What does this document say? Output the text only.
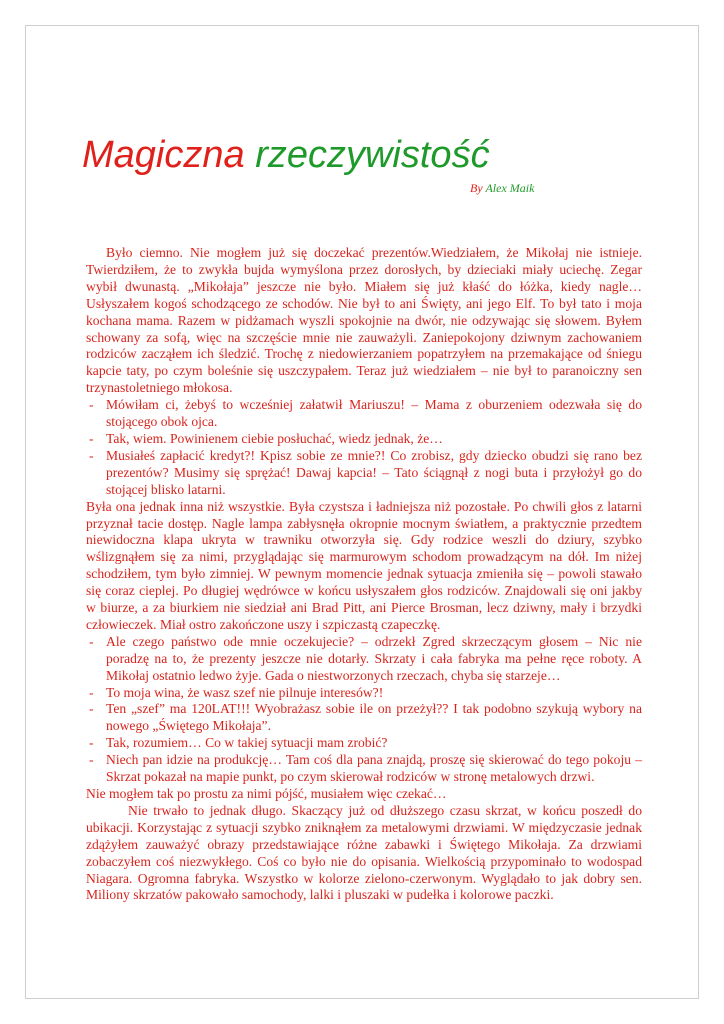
Magiczna rzeczywistość
By Alex Maik

Było ciemno. Nie mogłem już się doczekać prezentów.Wiedziałem, że Mikołaj nie istnieje. Twierdziłem, że to zwykła bujda wymyślona przez dorosłych, by dzieciaki miały uciechę. Zegar wybił dwunastą. „Mikołaja” jeszcze nie było. Miałem się już kłaść do łóżka, kiedy nagle… Usłyszałem kogoś schodzącego ze schodów. Nie był to ani Święty, ani jego Elf. To był tato i moja kochana mama. Razem w pidżamach wyszli spokojnie na dwór, nie odzywając się słowem. Byłem schowany za sofą, więc na szczęście mnie nie zauważyli. Zaniepokojony dziwnym zachowaniem rodziców zacząłem ich śledzić. Trochę z niedowierzaniem popatrzyłem na przemakające od śniegu kapcie taty, po czym boleśnie się uszczypałem. Teraz już wiedziałem – nie był to paranoiczny sen trzynastoletniego młokosa.

- Mówiłam ci, żebyś to wcześniej załatwił Mariuszu! – Mama z oburzeniem odezwała się do stojącego obok ojca.
- Tak, wiem. Powinienem ciebie posłuchać, wiedz jednak, że…
- Musiałeś zapłacić kredyt?! Kpisz sobie ze mnie?! Co zrobisz, gdy dziecko obudzi się rano bez prezentów? Musimy się sprężać! Dawaj kapcia! – Tato ściągnął z nogi buta i przyłożył go do stojącej blisko latarni.

Była ona jednak inna niż wszystkie. Była czystsza i ładniejsza niż pozostałe. Po chwili głos z latarni przyznał tacie dostęp. Nagle lampa zabłysnęła okropnie mocnym światłem, a praktycznie przedtem niewidoczna klapa ukryta w trawniku otworzyła się. Gdy rodzice weszli do dziury, szybko wślizgnąłem się za nimi, przyglądając się marmurowym schodom prowadzącym na dół. Im niżej schodziłem, tym było zimniej. W pewnym momencie jednak sytuacja zmieniła się – powoli stawało się coraz cieplej. Po długiej wędrówce w końcu usłyszałem głos rodziców. Znajdowali się oni jakby w biurze, a za biurkiem nie siedział ani Brad Pitt, ani Pierce Brosman, lecz dziwny, mały i brzydki człowieczek. Miał ostro zakończone uszy i szpiczastą czapeczkę.

- Ale czego państwo ode mnie oczekujecie? – odrzekł Zgred skrzeczącym głosem – Nic nie poradzę na to, że prezenty jeszcze nie dotarły. Skrzaty i cała fabryka ma pełne ręce roboty. A Mikołaj ostatnio ledwo żyje. Gada o niestworzonych rzeczach, chyba się starzeje…
- To moja wina, że wasz szef nie pilnuje interesów?!
- Ten „szef” ma 120LAT!!! Wyobrażasz sobie ile on przeżył?? I tak podobno szykują wybory na nowego „Świętego Mikołaja”.
- Tak, rozumiem… Co w takiej sytuacji mam zrobić?
- Niech pan idzie na produkcję… Tam coś dla pana znajdą, proszę się skierować do tego pokoju – Skrzat pokazał na mapie punkt, po czym skierował rodziców w stronę metalowych drzwi.

Nie mogłem tak po prostu za nimi pójść, musiałem więc czekać…

Nie trwało to jednak długo. Skaczący już od dłuższego czasu skrzat, w końcu poszedł do ubikacji. Korzystając z sytuacji szybko zniknąłem za metalowymi drzwiami. W międzyczasie jednak zdążyłem zauważyć obrazy przedstawiające różne zabawki i Świętego Mikołaja. Za drzwiami zobaczyłem coś niezwykłego. Coś co było nie do opisania. Wielkością przypominało to wodospad Niagara. Ogromna fabryka. Wszystko w kolorze zielono-czerwonym. Wyglądało to jak dobry sen. Miliony skrzatów pakowało samochody, lalki i pluszaki w pudełka i kolorowe paczki.
